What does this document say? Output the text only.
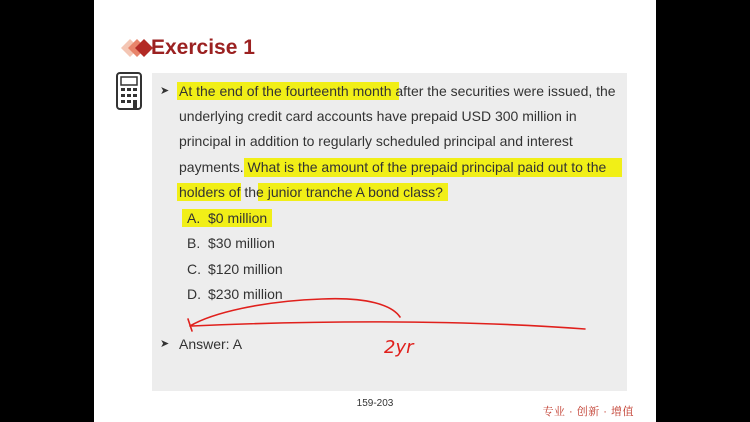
Exercise 1
➤ At the end of the fourteenth month after the securities were issued, the
underlying credit card accounts have prepaid USD 300 million in
principal in addition to regularly scheduled principal and interest
payments. What is the amount of the prepaid principal paid out to the
holders of the junior tranche A bond class?
A. $0 million
B. $30 million
C. $120 million
D. $230 million
➤ Answer: A	2yr
159-203
专业 · 创新 · 增值
